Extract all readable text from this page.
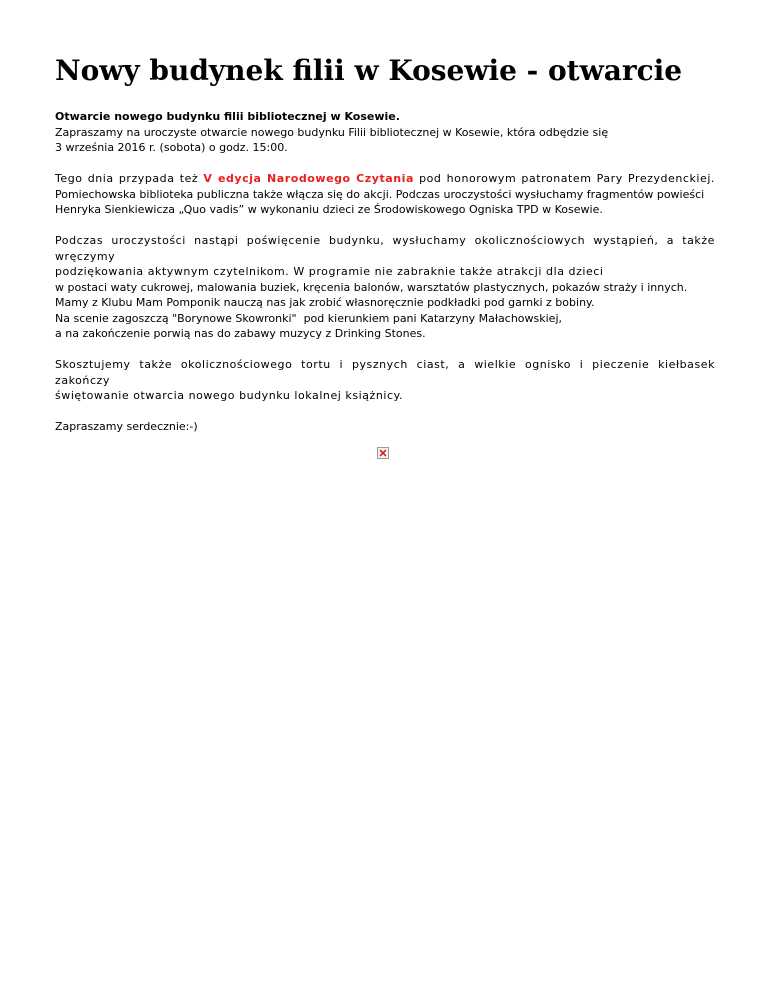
Nowy budynek filii w Kosewie - otwarcie

Otwarcie nowego budynku filii bibliotecznej w Kosewie.
Zapraszamy na uroczyste otwarcie nowego budynku Filii bibliotecznej w Kosewie, która odbędzie się
3 września 2016 r. (sobota) o godz. 15:00.

Tego dnia przypada też V edycja Narodowego Czytania pod honorowym patronatem Pary Prezydenckiej.
Pomiechowska biblioteka publiczna także włącza się do akcji. Podczas uroczystości wysłuchamy fragmentów powieści
Henryka Sienkiewicza „Quo vadis” w wykonaniu dzieci ze Środowiskowego Ogniska TPD w Kosewie.

Podczas uroczystości nastąpi poświęcenie budynku, wysłuchamy okolicznościowych wystąpień, a także wręczymy
podziękowania aktywnym czytelnikom. W programie nie zabraknie także atrakcji dla dzieci
w postaci waty cukrowej, malowania buziek, kręcenia balonów, warsztatów plastycznych, pokazów straży i innych.
Mamy z Klubu Mam Pomponik nauczą nas jak zrobić własnoręcznie podkładki pod garnki z bobiny.
Na scenie zagoszczą "Borynowe Skowronki"  pod kierunkiem pani Katarzyny Małachowskiej,
a na zakończenie porwią nas do zabawy muzycy z Drinking Stones.

Skosztujemy także okolicznościowego tortu i pysznych ciast, a wielkie ognisko i pieczenie kiełbasek zakończy
świętowanie otwarcia nowego budynku lokalnej książnicy.

Zapraszamy serdecznie:-)
